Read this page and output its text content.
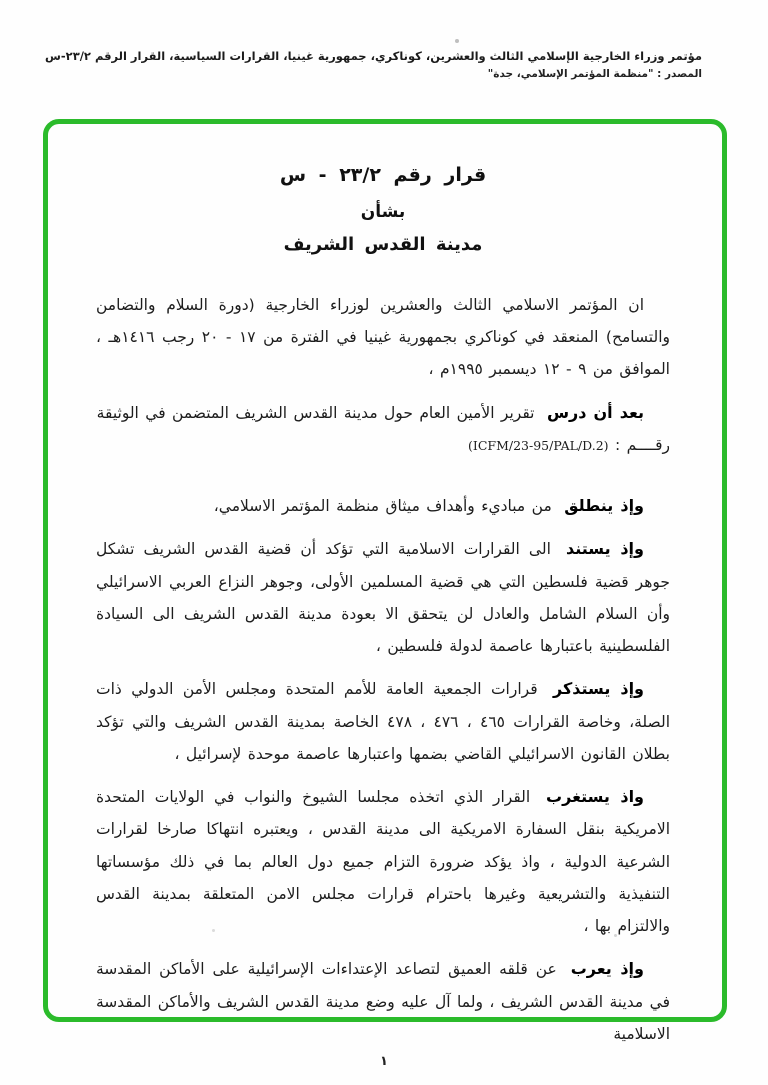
مؤتمر وزراء الخارجية الإسلامي الثالث والعشرين، كوناكري، جمهورية غينيا، القرارات السياسية، القرار الرقم ٢٣/٢-س
المصدر : "منظمة المؤتمر الإسلامي، جدة"
قرار رقم ٢٣/٢ - س
بشأن
مدينة القدس الشريف

ان المؤتمر الاسلامي الثالث والعشرين لوزراء الخارجية (دورة السلام والتضامن والتسامح) المنعقد في كوناكري بجمهورية غينيا في الفترة من ١٧ - ٢٠ رجب ١٤١٦هـ ، الموافق من ٩ - ١٢ ديسمبر ١٩٩٥م ،

بعد أن درس تقرير الأمين العام حول مدينة القدس الشريف المتضمن في الوثيقة
رقــــم : (ICFM/23-95/PAL/D.2)

وإذ ينطلق من مباديء وأهداف ميثاق منظمة المؤتمر الاسلامي،

وإذ يستند الى القرارات الاسلامية التي تؤكد أن قضية القدس الشريف تشكل جوهر قضية فلسطين التي هي قضية المسلمين الأولى، وجوهر النزاع العربي الاسرائيلي وأن السلام الشامل والعادل لن يتحقق الا بعودة مدينة القدس الشريف الى السيادة الفلسطينية باعتبارها عاصمة لدولة فلسطين ،

وإذ يستذكر قرارات الجمعية العامة للأمم المتحدة ومجلس الأمن الدولي ذات الصلة، وخاصة القرارات ٤٦٥ ، ٤٧٦ ، ٤٧٨ الخاصة بمدينة القدس الشريف والتي تؤكد بطلان القانون الاسرائيلي القاضي بضمها واعتبارها عاصمة موحدة لإسرائيل ،

واذ يستغرب القرار الذي اتخذه مجلسا الشيوخ والنواب في الولايات المتحدة الامريكية بنقل السفارة الامريكية الى مدينة القدس ، ويعتبره انتهاكا صارخا لقرارات الشرعية الدولية ، واذ يؤكد ضرورة التزام جميع دول العالم بما في ذلك مؤسساتها التنفيذية والتشريعية وغيرها باحترام قرارات مجلس الامن المتعلقة بمدينة القدس والالتزام بها ،

وإذ يعرب عن قلقه العميق لتصاعد الإعتداءات الإسرائيلية على الأماكن المقدسة في مدينة القدس الشريف ، ولما آل عليه وضع مدينة القدس الشريف والأماكن المقدسة الاسلامية

١
